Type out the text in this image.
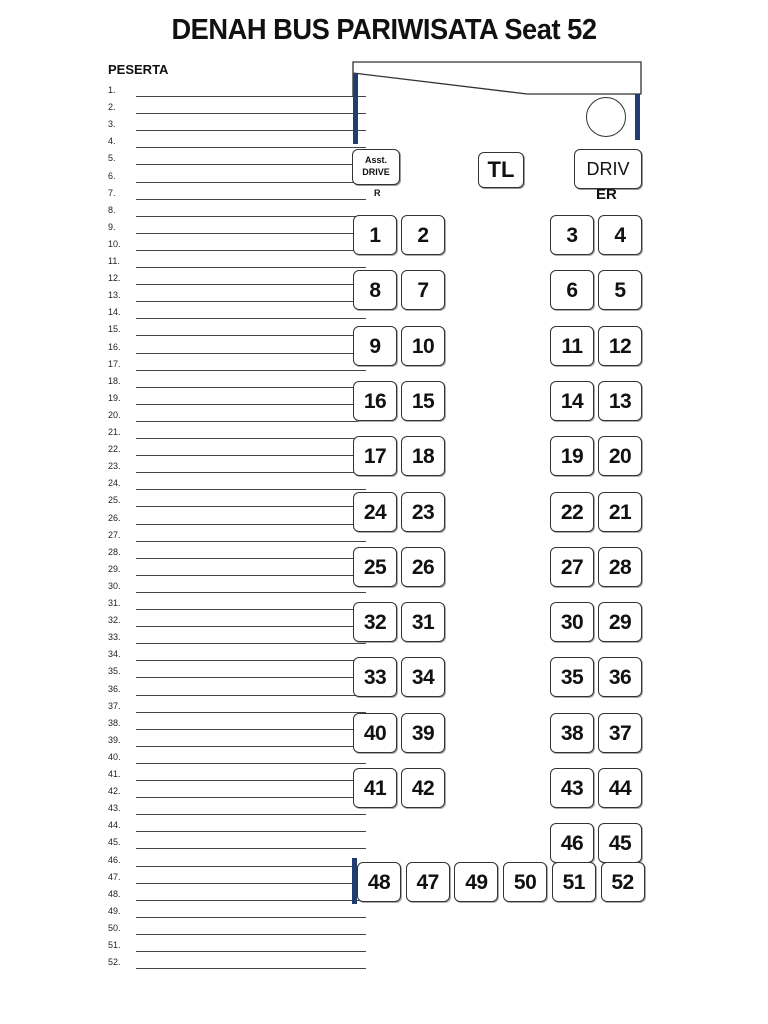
DENAH BUS PARIWISATA Seat 52
PESERTA
1.
2.
3.
4.
5.
6.
7.
8.
9.
10.
11.
12.
13.
14.
15.
16.
17.
18.
19.
20.
21.
22.
23.
24.
25.
26.
27.
28.
29.
30.
31.
32.
33.
34.
35.
36.
37.
38.
39.
40.
41.
42.
43.
44.
45.
46.
47.
48.
49.
50.
51.
52.
Asst.
DRIVE
R
TL	DRIV
ER
1	2	3	4
8	7	6	5
9	10	11	12
16	15	14	13
17	18	19	20
24	23	22	21
25	26	27	28
32	31	30	29
33	34	35	36
40	39	38	37
41	42	43	44
46	45
48	47	49	50	51	52
